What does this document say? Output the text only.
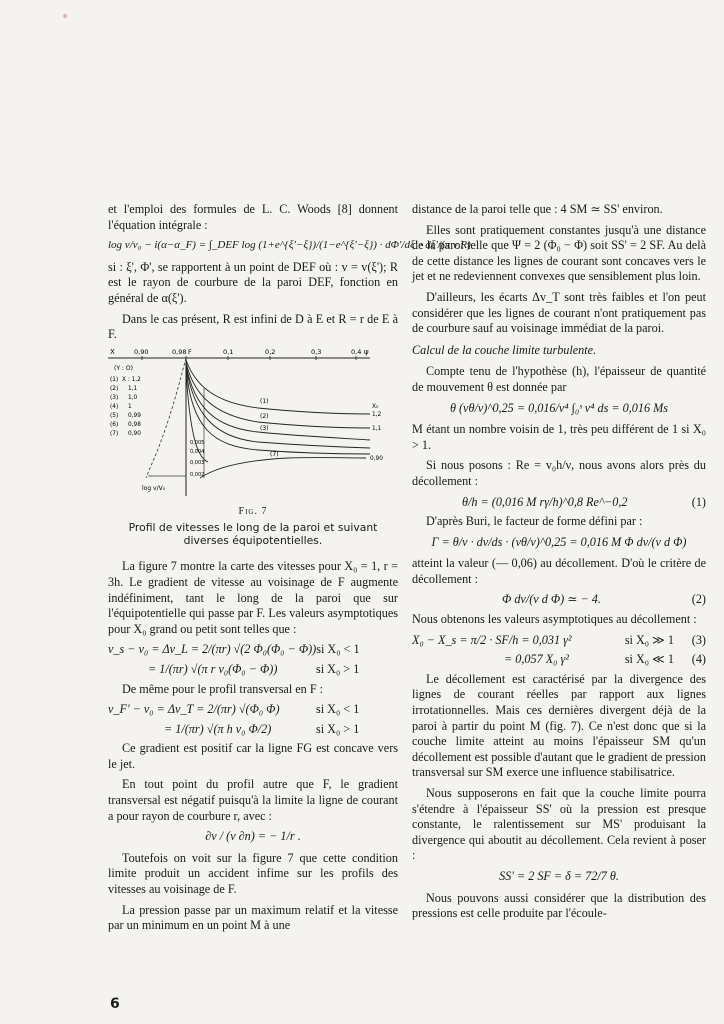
et l'emploi des formules de L. C. Woods [8] donnent l'équation intégrale :

log v/v₀ − i(α−α_F) = ∫_DEF log (1+e^{ξ'−ξ})/(1−e^{ξ'−ξ}) · dΦ'/dξ' · dξ'/(π v R)

si : ξ', Φ', se rapportent à un point de DEF où : v = v(ξ'); R est le rayon de courbure de la paroi DEF, fonction en général de α(ξ').

Dans le cas présent, R est infini de D à E et R = r de E à F.

X	0,90	0,98 F	0,1	0,2	0,3	0,4 ψ
(Y : O)
(1) X : 1,2
(2) 1,1
(3) 1,0
(4) 1
(5) 0,99
(6) 0,98
(7) 0,90
log v/V₀
0,005
0,004
0,003
0,002
(1)
(2)
(3)
(7)
X₀
1,2
1,1
0,90
Fig. 7
Profil de vitesses le long de la paroi et suivant diverses équipotentielles.

La figure 7 montre la carte des vitesses pour X₀ = 1, r = 3h. Le gradient de vitesse au voisinage de F augmente indéfiniment, tant le long de la paroi que sur l'équipotentielle qui passe par F. Les valeurs asymptotiques pour X₀ grand ou petit sont telles que :

v_s − v₀ = Δv_L = 2/(πr) √(2 Φ₀(Φ₀ − Φ)) si X₀ < 1
= 1/(πr) √(π r v₀(Φ₀ − Φ))	si X₀ > 1

De même pour le profil transversal en F :

v_F' − v₀ = Δv_T = 2/(πr) √(Φ₀ Φ)	si X₀ < 1
= 1/(πr) √(π h v₀ Φ/2)	si X₀ > 1

Ce gradient est positif car la ligne FG est concave vers le jet.

En tout point du profil autre que F, le gradient transversal est négatif puisqu'à la limite la ligne de courant a pour rayon de courbure r, avec :

∂v / (v ∂n) = − 1/r .

Toutefois on voit sur la figure 7 que cette condition limite produit un accident infime sur les profils des vitesses au voisinage de F.

La pression passe par un maximum relatif et la vitesse par un minimum en un point M à une

distance de la paroi telle que : 4 SM ≃ SS' environ.

Elles sont pratiquement constantes jusqu'à une distance de la paroi telle que Ψ = 2 (Φ₀ − Φ) soit SS' = 2 SF. Au delà de cette distance les lignes de courant sont concaves vers le jet et ne redeviennent convexes que sensiblement plus loin.

D'ailleurs, les écarts Δv_T sont très faibles et l'on peut considérer que les lignes de courant n'ont pratiquement pas de courbure sauf au voisinage immédiat de la paroi.

Calcul de la couche limite turbulente.

Compte tenu de l'hypothèse (h), l'épaisseur de quantité de mouvement θ est donnée par

θ (vθ/ν)^0,25 = 0,016/v⁴ ∫₀ˢ v⁴ ds = 0,016 Ms

M étant un nombre voisin de 1, très peu différent de 1 si X₀ > 1.

Si nous posons : Re = v₀h/ν, nous avons alors près du décollement :

θ/h = (0,016 M rγ/h)^0,8 Re^−0,2	(1)

D'après Buri, le facteur de forme défini par :

Γ = θ/v · dv/ds · (vθ/ν)^0,25 = 0,016 M Φ dv/(v d Φ)

atteint la valeur (— 0,06) au décollement. D'où le critère de décollement :

Φ dv/(v d Φ) ≃ − 4.	(2)

Nous obtenons les valeurs asymptotiques au décollement :

X₀ − X_s = π/2 · SF/h = 0,031 γ²	si X₀ ≫ 1	(3)
= 0,057 X₀ γ²	si X₀ ≪ 1	(4)

Le décollement est caractérisé par la divergence des lignes de courant réelles par rapport aux lignes irrotationnelles. Mais ces dernières divergent déjà de la paroi à partir du point M (fig. 7). Ce n'est donc que si la couche limite atteint au moins l'épaisseur SM qu'un décollement est possible d'autant que le gradient de pression transversal sur SM exerce une influence stabilisatrice.

Nous supposerons en fait que la couche limite pourra s'étendre à l'épaisseur SS' où la pression est presque constante, le ralentissement sur MS' produisant la divergence qui aboutit au décollement. Cela revient à poser :

SS' = 2 SF = δ = 72/7 θ.

Nous pouvons aussi considérer que la distribution des pressions est celle produite par l'écoule-

6
